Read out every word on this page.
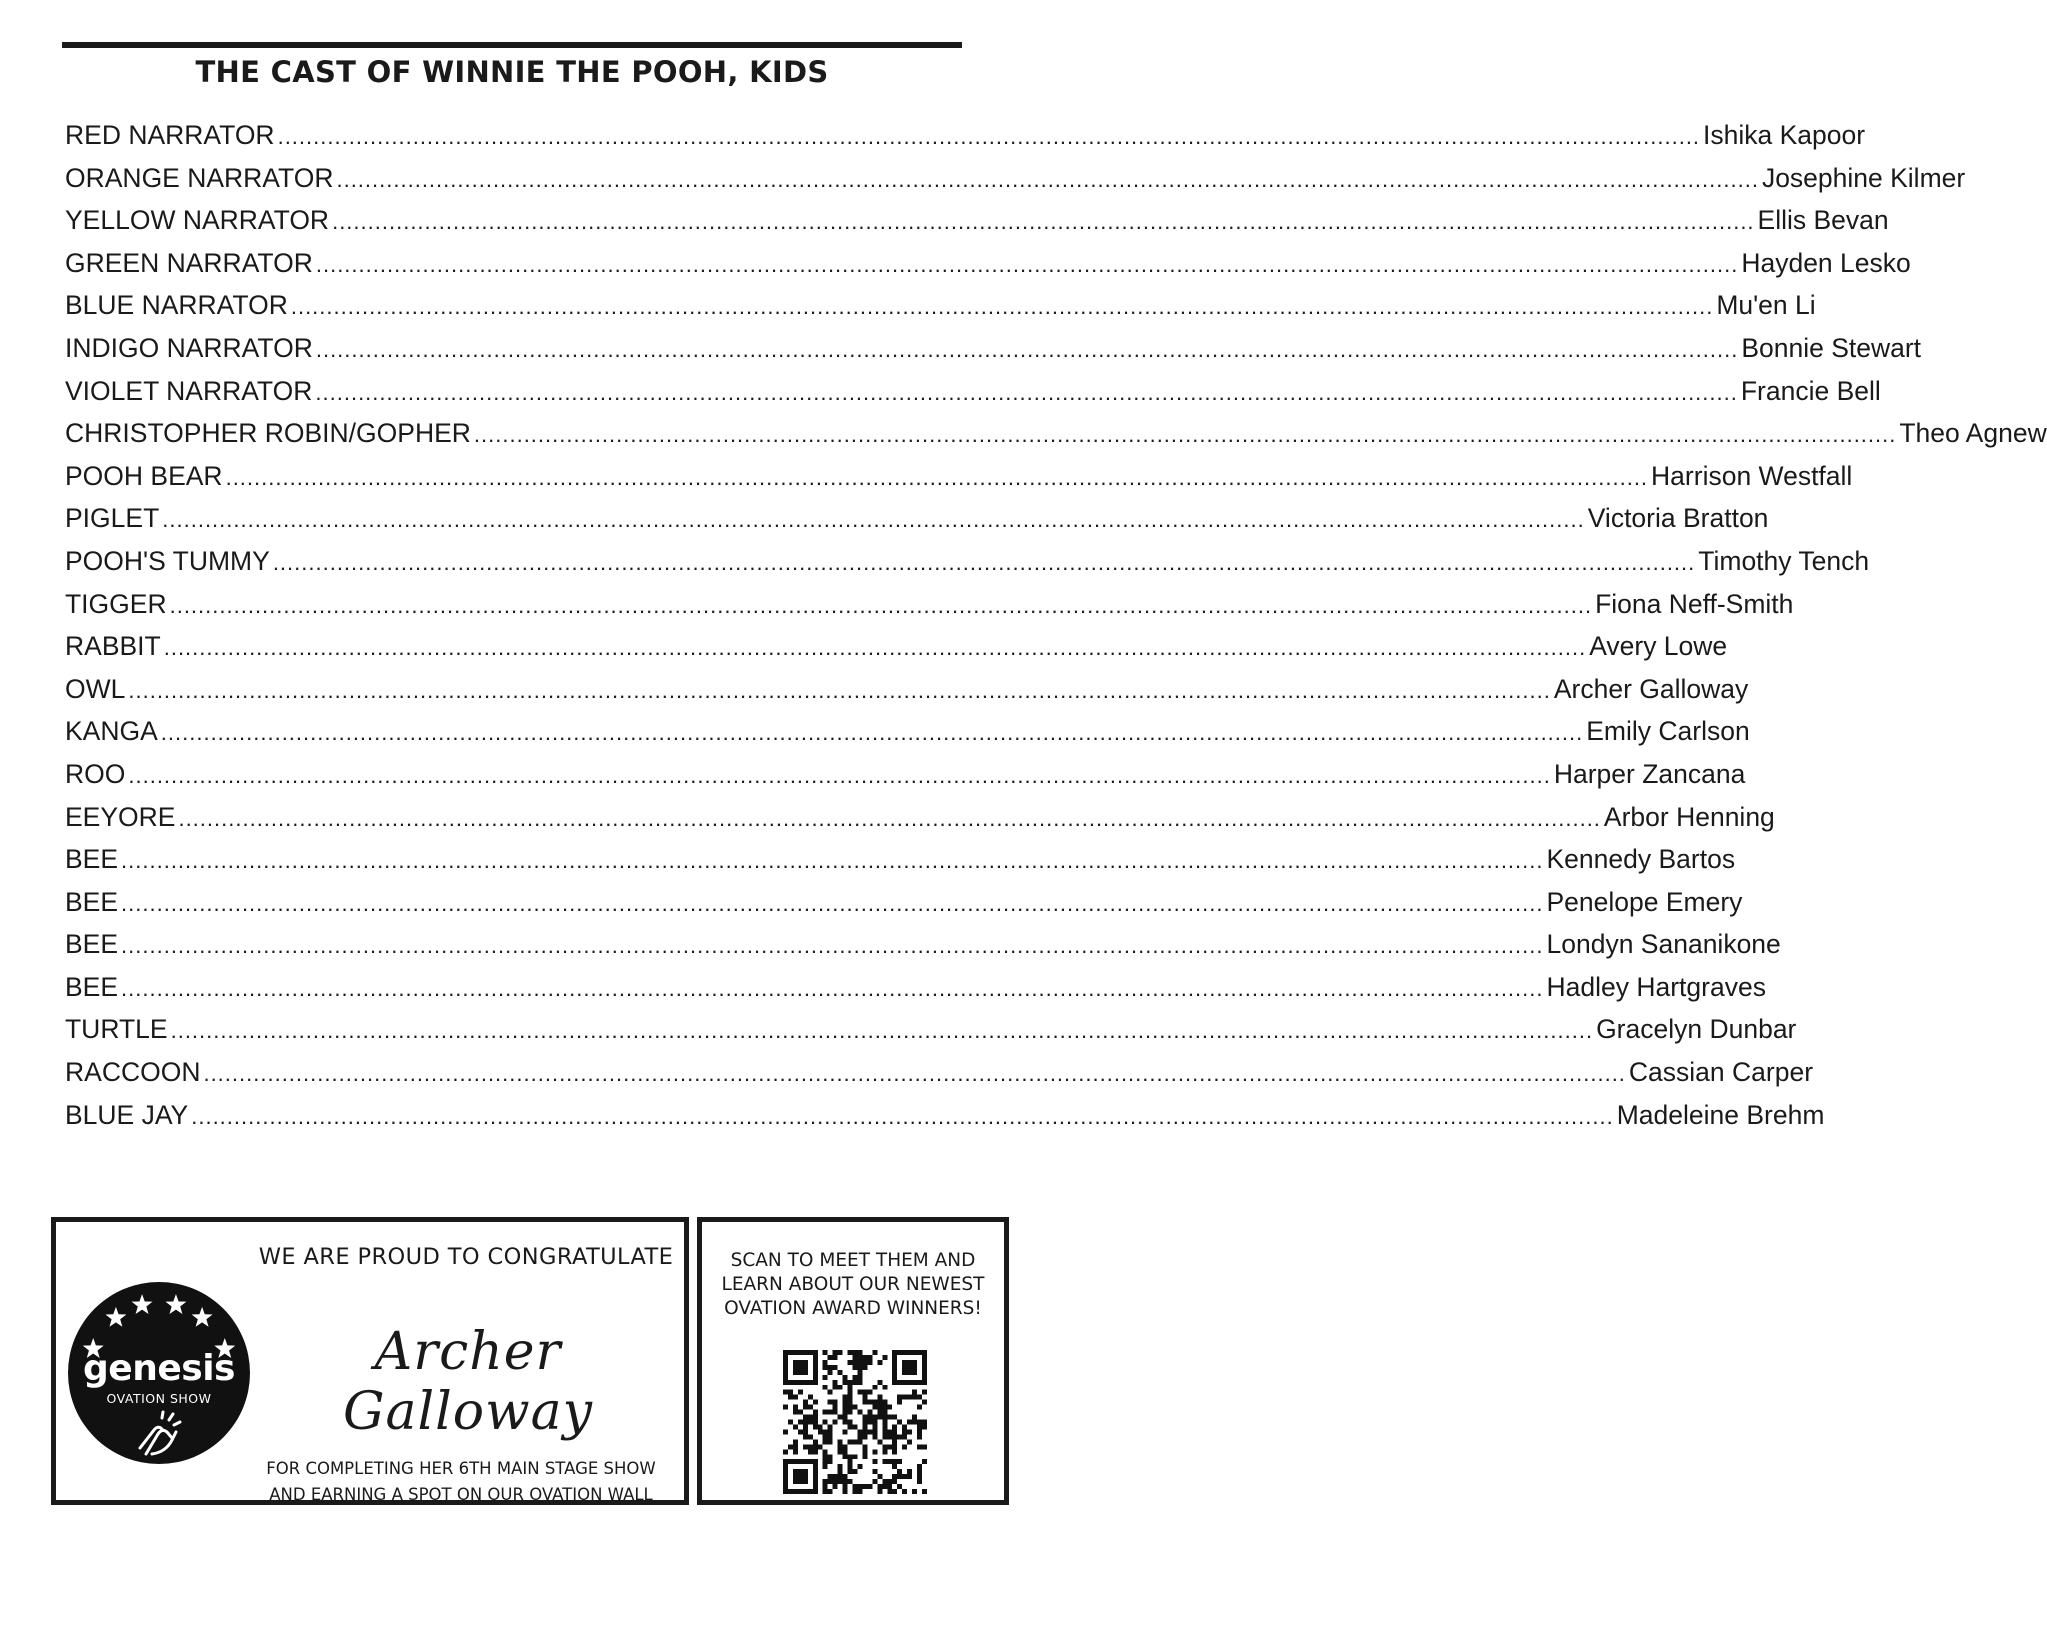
THE CAST OF WINNIE THE POOH, KIDS
RED NARRATOR ........................................................................................................................................................................................................ Ishika Kapoor
ORANGE NARRATOR ........................................................................................................................................................................................................ Josephine Kilmer
YELLOW NARRATOR ........................................................................................................................................................................................................ Ellis Bevan
GREEN NARRATOR ........................................................................................................................................................................................................ Hayden Lesko
BLUE NARRATOR ........................................................................................................................................................................................................ Mu'en Li
INDIGO NARRATOR ........................................................................................................................................................................................................ Bonnie Stewart
VIOLET NARRATOR ........................................................................................................................................................................................................ Francie Bell
CHRISTOPHER ROBIN/GOPHER ........................................................................................................................................................................................................ Theo Agnew
POOH BEAR ........................................................................................................................................................................................................ Harrison Westfall
PIGLET ........................................................................................................................................................................................................ Victoria Bratton
POOH'S TUMMY ........................................................................................................................................................................................................ Timothy Tench
TIGGER ........................................................................................................................................................................................................ Fiona Neff-Smith
RABBIT ........................................................................................................................................................................................................ Avery Lowe
OWL ........................................................................................................................................................................................................ Archer Galloway
KANGA ........................................................................................................................................................................................................ Emily Carlson
ROO ........................................................................................................................................................................................................ Harper Zancana
EEYORE ........................................................................................................................................................................................................ Arbor Henning
BEE ........................................................................................................................................................................................................ Kennedy Bartos
BEE ........................................................................................................................................................................................................ Penelope Emery
BEE ........................................................................................................................................................................................................ Londyn Sananikone
BEE ........................................................................................................................................................................................................ Hadley Hartgraves
TURTLE ........................................................................................................................................................................................................ Gracelyn Dunbar
RACCOON ........................................................................................................................................................................................................ Cassian Carper
BLUE JAY ........................................................................................................................................................................................................ Madeleine Brehm
genesis
OVATION SHOW
WE ARE PROUD TO CONGRATULATE
Archer Galloway
FOR COMPLETING HER 6TH MAIN STAGE SHOW
AND EARNING A SPOT ON OUR OVATION WALL
SCAN TO MEET THEM AND
LEARN ABOUT OUR NEWEST
OVATION AWARD WINNERS!
